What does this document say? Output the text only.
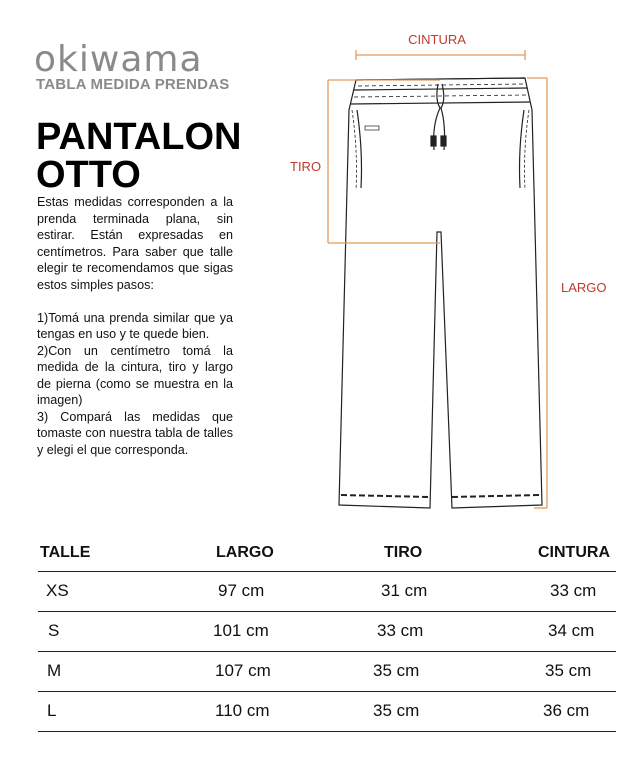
okiwama
TABLA MEDIDA PRENDAS
PANTALON
OTTO

Estas medidas corresponden a la prenda terminada plana, sin estirar. Están expresadas en centímetros. Para saber que talle elegir te recomendamos que sigas estos simples pasos:

1)Tomá una prenda similar que ya tengas en uso y te quede bien.

2)Con un centímetro tomá la medida de la cintura, tiro y largo de pierna (como se muestra en la imagen)

3) Compará las medidas que tomaste con nuestra tabla de talles y elegi el que corresponda.

CINTURA
TIRO
LARGO
TALLE	LARGO	TIRO	CINTURA
XS	97 cm	31 cm	33 cm
S	101 cm	33 cm	34 cm
M	107 cm	35 cm	35 cm
L	110 cm	35 cm	36 cm
